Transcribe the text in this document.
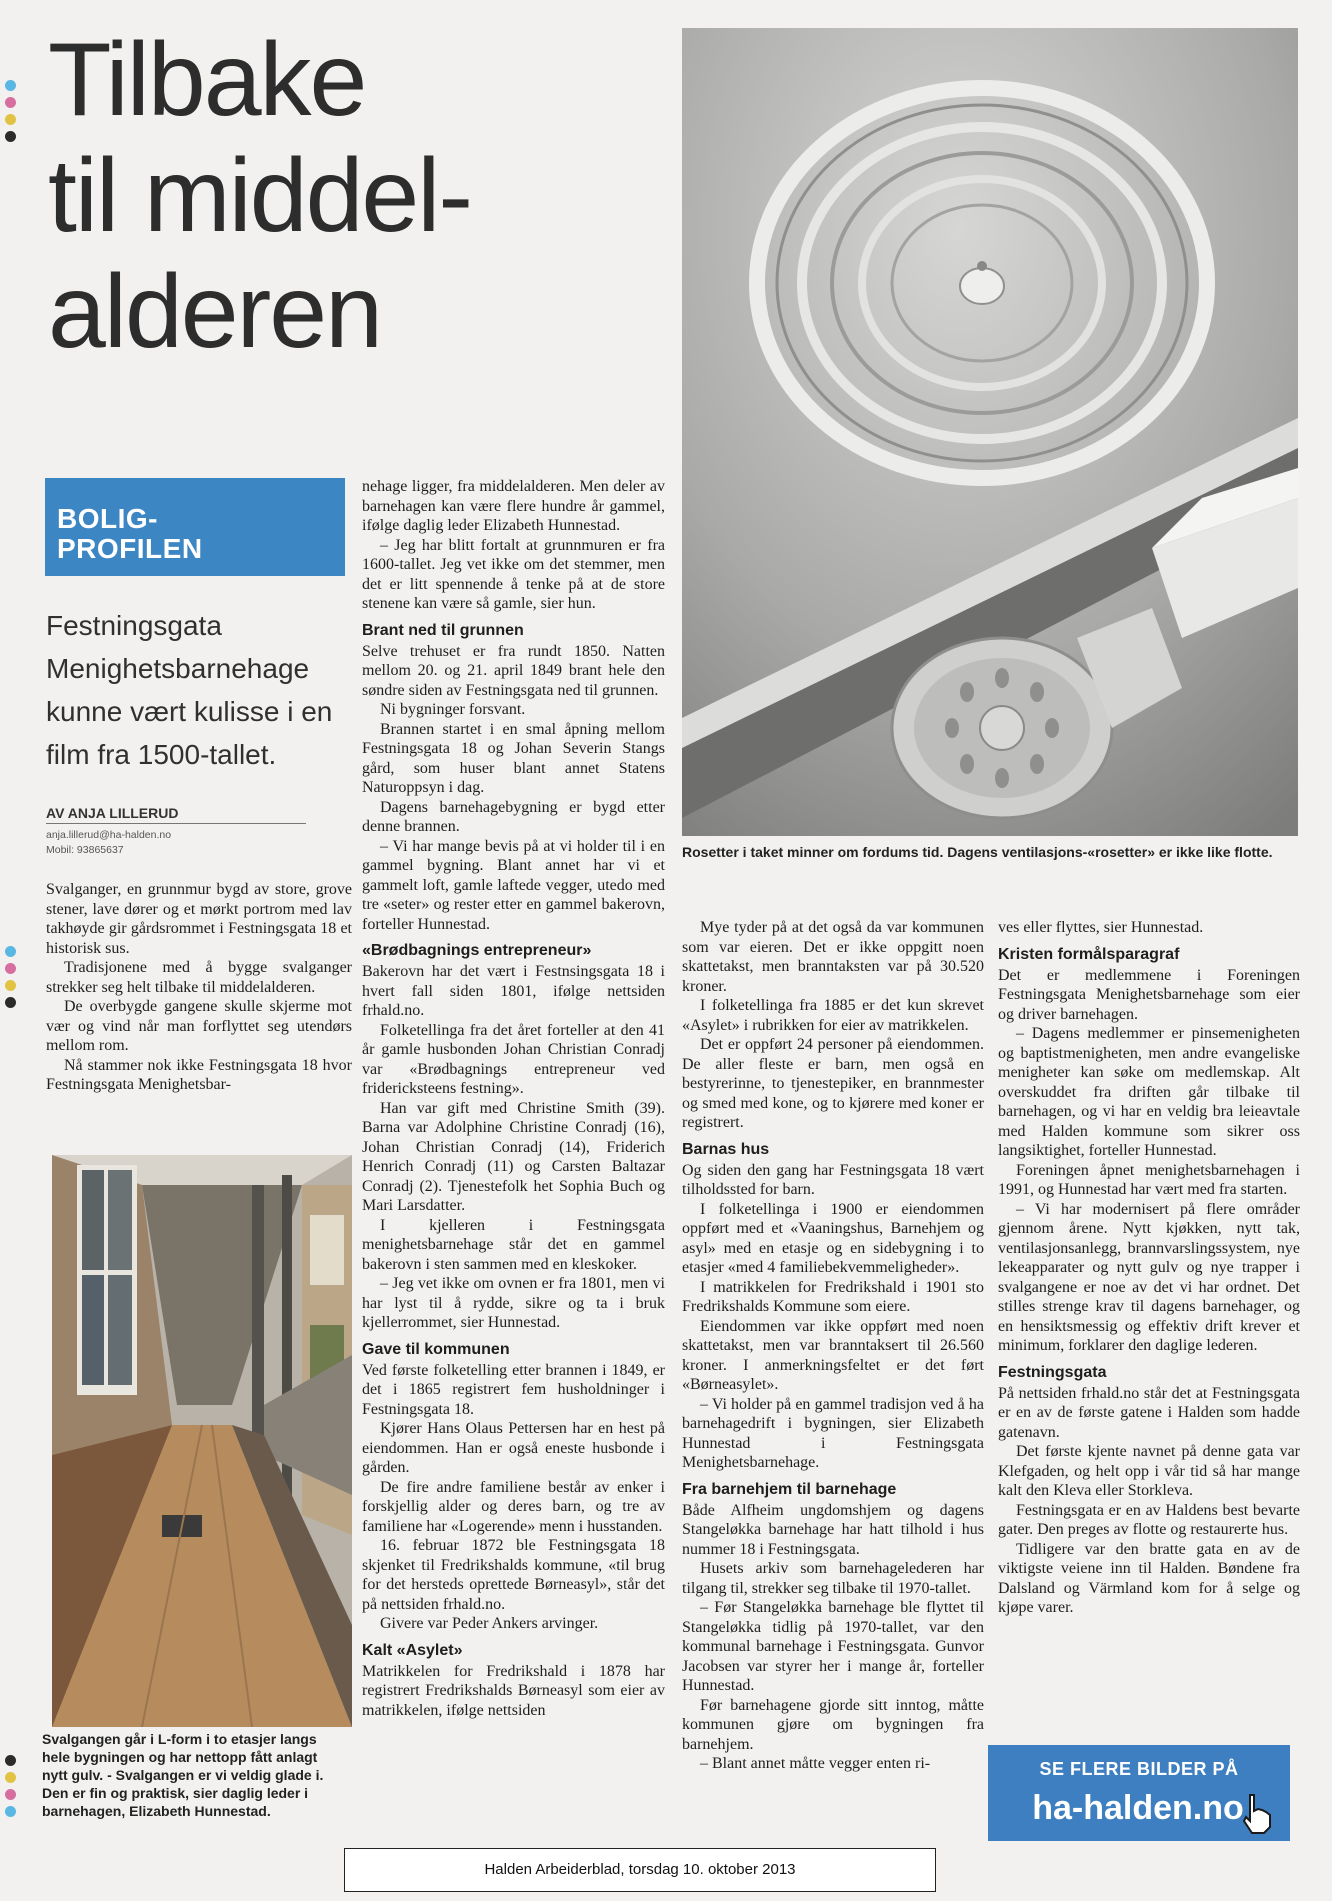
Tilbake
til middel-
alderen
BOLIG-
PROFILEN
Festningsgata Menighetsbarnehage kunne vært kulisse i en film fra 1500-tallet.
AV ANJA LILLERUD
anja.lillerud@ha-halden.no
Mobil: 93865637

Svalganger, en grunnmur bygd av store, grove stener, lave dører og et mørkt portrom med lav takhøyde gir gårdsrommet i Festningsgata 18 et historisk sus.

Tradisjonene med å bygge svalganger strekker seg helt tilbake til middelalderen.

De overbygde gangene skulle skjerme mot vær og vind når man forflyttet seg utendørs mellom rom.

Nå stammer nok ikke Festningsgata 18 hvor Festningsgata Menighetsbar-

Svalgangen går i L-form i to etasjer langs hele bygningen og har nettopp fått anlagt nytt gulv. - Svalgangen er vi veldig glade i. Den er fin og praktisk, sier daglig leder i barnehagen, Elizabeth Hunnestad.

nehage ligger, fra middelalderen. Men deler av barnehagen kan være flere hundre år gammel, ifølge daglig leder Elizabeth Hunnestad.

– Jeg har blitt fortalt at grunnmuren er fra 1600-tallet. Jeg vet ikke om det stemmer, men det er litt spennende å tenke på at de store stenene kan være så gamle, sier hun.

Brant ned til grunnen

Selve trehuset er fra rundt 1850. Natten mellom 20. og 21. april 1849 brant hele den søndre siden av Festningsgata ned til grunnen.

Ni bygninger forsvant.

Brannen startet i en smal åpning mellom Festningsgata 18 og Johan Severin Stangs gård, som huser blant annet Statens Naturoppsyn i dag.

Dagens barnehagebygning er bygd etter denne brannen.

– Vi har mange bevis på at vi holder til i en gammel bygning. Blant annet har vi et gammelt loft, gamle laftede vegger, utedo med tre «seter» og rester etter en gammel bakerovn, forteller Hunnestad.

«Brødbagnings entrepreneur»

Bakerovn har det vært i Festnsingsgata 18 i hvert fall siden 1801, ifølge nettsiden frhald.no.

Folketellinga fra det året forteller at den 41 år gamle husbonden Johan Christian Conradj var «Brødbagnings entrepreneur ved fridericksteens festning».

Han var gift med Christine Smith (39). Barna var Adolphine Christine Conradj (16), Johan Christian Conradj (14), Friderich Henrich Conradj (11) og Carsten Baltazar Conradj (2). Tjenestefolk het Sophia Buch og Mari Larsdatter.

I kjelleren i Festningsgata menighetsbarnehage står det en gammel bakerovn i sten sammen med en kleskoker.

– Jeg vet ikke om ovnen er fra 1801, men vi har lyst til å rydde, sikre og ta i bruk kjellerrommet, sier Hunnestad.

Gave til kommunen

Ved første folketelling etter brannen i 1849, er det i 1865 registrert fem husholdninger i Festningsgata 18.

Kjører Hans Olaus Pettersen har en hest på eiendommen. Han er også eneste husbonde i gården.

De fire andre familiene består av enker i forskjellig alder og deres barn, og tre av familiene har «Logerende» menn i husstanden.

16. februar 1872 ble Festningsgata 18 skjenket til Fredrikshalds kommune, «til brug for det hersteds oprettede Børneasyl», står det på nettsiden frhald.no.

Givere var Peder Ankers arvinger.

Kalt «Asylet»

Matrikkelen for Fredrikshald i 1878 har registrert Fredrikshalds Børneasyl som eier av matrikkelen, ifølge nettsiden

Rosetter i taket minner om fordums tid. Dagens ventilasjons-«rosetter» er ikke like flotte.

Mye tyder på at det også da var kommunen som var eieren. Det er ikke oppgitt noen skattetakst, men branntaksten var på 30.520 kroner.

I folketellinga fra 1885 er det kun skrevet «Asylet» i rubrikken for eier av matrikkelen.

Det er oppført 24 personer på eiendommen. De aller fleste er barn, men også en bestyrerinne, to tjenestepiker, en brannmester og smed med kone, og to kjørere med koner er registrert.

Barnas hus

Og siden den gang har Festningsgata 18 vært tilholdssted for barn.

I folketellinga i 1900 er eiendommen oppført med et «Vaaningshus, Barnehjem og asyl» med en etasje og en sidebygning i to etasjer «med 4 familiebekvemmeligheder».

I matrikkelen for Fredrikshald i 1901 sto Fredrikshalds Kommune som eiere.

Eiendommen var ikke oppført med noen skattetakst, men var branntaksert til 26.560 kroner. I anmerkningsfeltet er det ført «Børneasylet».

– Vi holder på en gammel tradisjon ved å ha barnehagedrift i bygningen, sier Elizabeth Hunnestad i Festningsgata Menighetsbarnehage.

Fra barnehjem til barnehage

Både Alfheim ungdomshjem og dagens Stangeløkka barnehage har hatt tilhold i hus nummer 18 i Festningsgata.

Husets arkiv som barnehagelederen har tilgang til, strekker seg tilbake til 1970-tallet.

– Før Stangeløkka barnehage ble flyttet til Stangeløkka tidlig på 1970-tallet, var den kommunal barnehage i Festningsgata. Gunvor Jacobsen var styrer her i mange år, forteller Hunnestad.

Før barnehagene gjorde sitt inntog, måtte kommunen gjøre om bygningen fra barnehjem.

– Blant annet måtte vegger enten ri-

ves eller flyttes, sier Hunnestad.

Kristen formålsparagraf

Det er medlemmene i Foreningen Festningsgata Menighetsbarnehage som eier og driver barnehagen.

– Dagens medlemmer er pinsemenigheten og baptistmenigheten, men andre evangeliske menigheter kan søke om medlemskap. Alt overskuddet fra driften går tilbake til barnehagen, og vi har en veldig bra leieavtale med Halden kommune som sikrer oss langsiktighet, forteller Hunnestad.

Foreningen åpnet menighetsbarnehagen i 1991, og Hunnestad har vært med fra starten.

– Vi har modernisert på flere områder gjennom årene. Nytt kjøkken, nytt tak, ventilasjonsanlegg, brannvarslingssystem, nye lekeapparater og nytt gulv og nye trapper i svalgangene er noe av det vi har ordnet. Det stilles strenge krav til dagens barnehager, og en hensiktsmessig og effektiv drift krever et minimum, forklarer den daglige lederen.

Festningsgata

På nettsiden frhald.no står det at Festningsgata er en av de første gatene i Halden som hadde gatenavn.

Det første kjente navnet på denne gata var Klefgaden, og helt opp i vår tid så har mange kalt den Kleva eller Storkleva.

Festningsgata er en av Haldens best bevarte gater. Den preges av flotte og restaurerte hus.

Tidligere var den bratte gata en av de viktigste veiene inn til Halden. Bøndene fra Dalsland og Värmland kom for å selge og kjøpe varer.

SE FLERE BILDER PÅ
ha-halden.no
Halden Arbeiderblad, torsdag 10. oktober 2013
